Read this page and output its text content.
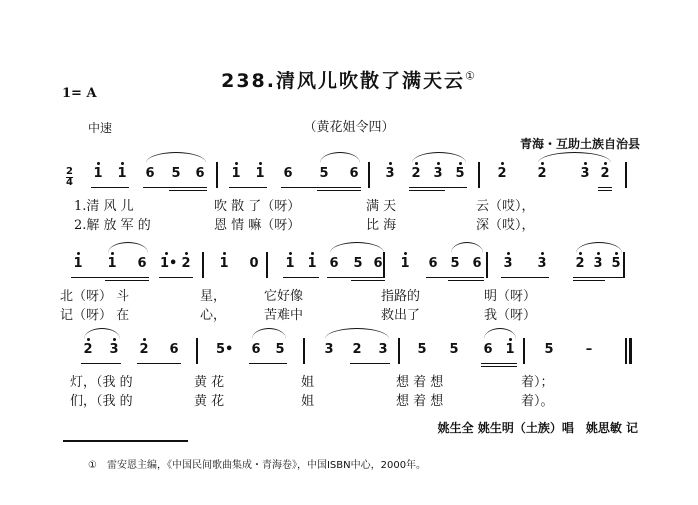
238.清风儿吹散了满天云①
1= A
中速	（黄花姐令四）
青海・互助土族自治县
2
4
1 1 6 5 6
1.清 风 儿
2.解 放 军 的
1 1 6 5 6
吹 散 了（呀）
恩 情 嘛（呀）
3 2 3 5
满 天
比 海
2 2	3 2
云（哎），
深（哎），
1 1 6 1• 2
北（呀） 斗
记（呀） 在
1 0
星，
心，
1 1 6 5 6
它好像
苦难中
1 6 5 6
指路的
救出了
3 3 2 3 5
明（呀）
我（呀）
2 3 2 6
灯，（我 的
们，（我 的
5• 6 5
黄 花
黄 花
3 2 3
姐
姐
5 5 6 1
想 着 想
想 着 想
5 –
着）；
着）。
姚生全 姚生明（土族）唱　姚思敏 记
①　雷安恩主编，《中国民间歌曲集成・青海卷》，中国ISBN中心，2000年。
